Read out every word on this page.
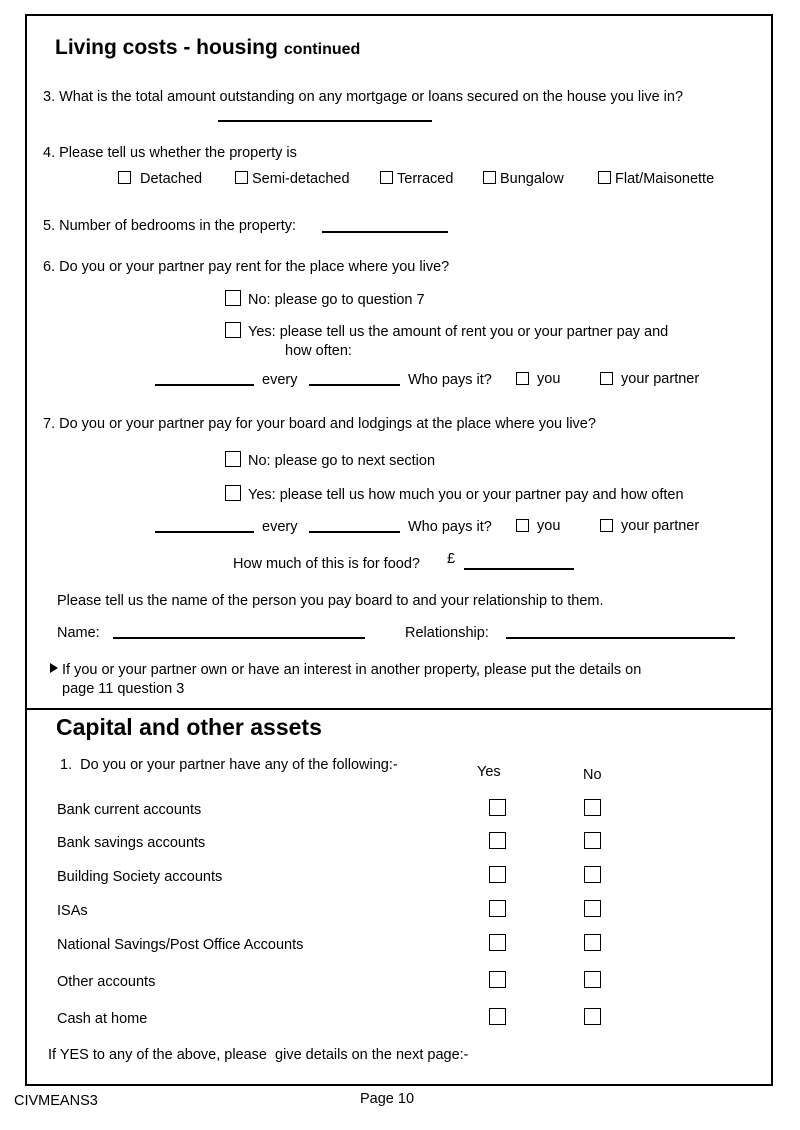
Living costs - housing continued
3. What is the total amount outstanding on any mortgage or loans secured on the house you live in?
4. Please tell us whether the property is
Detached	Semi-detached	Terraced	Bungalow	Flat/Maisonette
5. Number of bedrooms in the property:
6. Do you or your partner pay rent for the place where you live?
No: please go to question 7
Yes: please tell us the amount of rent you or your partner pay and
how often:
every	Who pays it?	you	your partner
7. Do you or your partner pay for your board and lodgings at the place where you live?
No: please go to next section
Yes: please tell us how much you or your partner pay and how often
every	Who pays it?	you	your partner
How much of this is for food? £
Please tell us the name of the person you pay board to and your relationship to them.
Name:	Relationship:
If you or your partner own or have an interest in another property, please put the details on
page 11 question 3
Capital and other assets
1.  Do you or your partner have any of the following:-	Yes	No
Bank current accounts
Bank savings accounts
Building Society accounts
ISAs
National Savings/Post Office Accounts
Other accounts
Cash at home
If YES to any of the above, please  give details on the next page:-
CIVMEANS3	Page 10
